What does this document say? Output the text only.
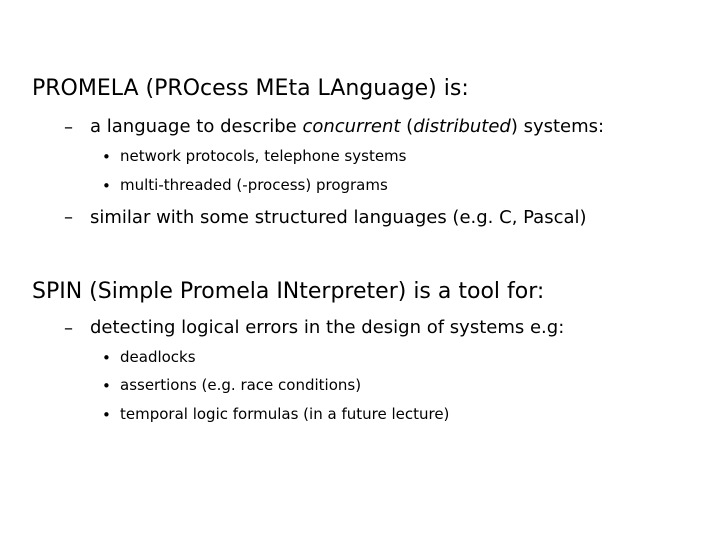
PROMELA (PROcess MEta LAnguage) is:
– a language to describe concurrent (distributed) systems:
• network protocols, telephone systems
• multi-threaded (-process) programs
– similar with some structured languages (e.g. C, Pascal)
SPIN (Simple Promela INterpreter) is a tool for:
– detecting logical errors in the design of systems e.g:
• deadlocks
• assertions (e.g. race conditions)
• temporal logic formulas (in a future lecture)
